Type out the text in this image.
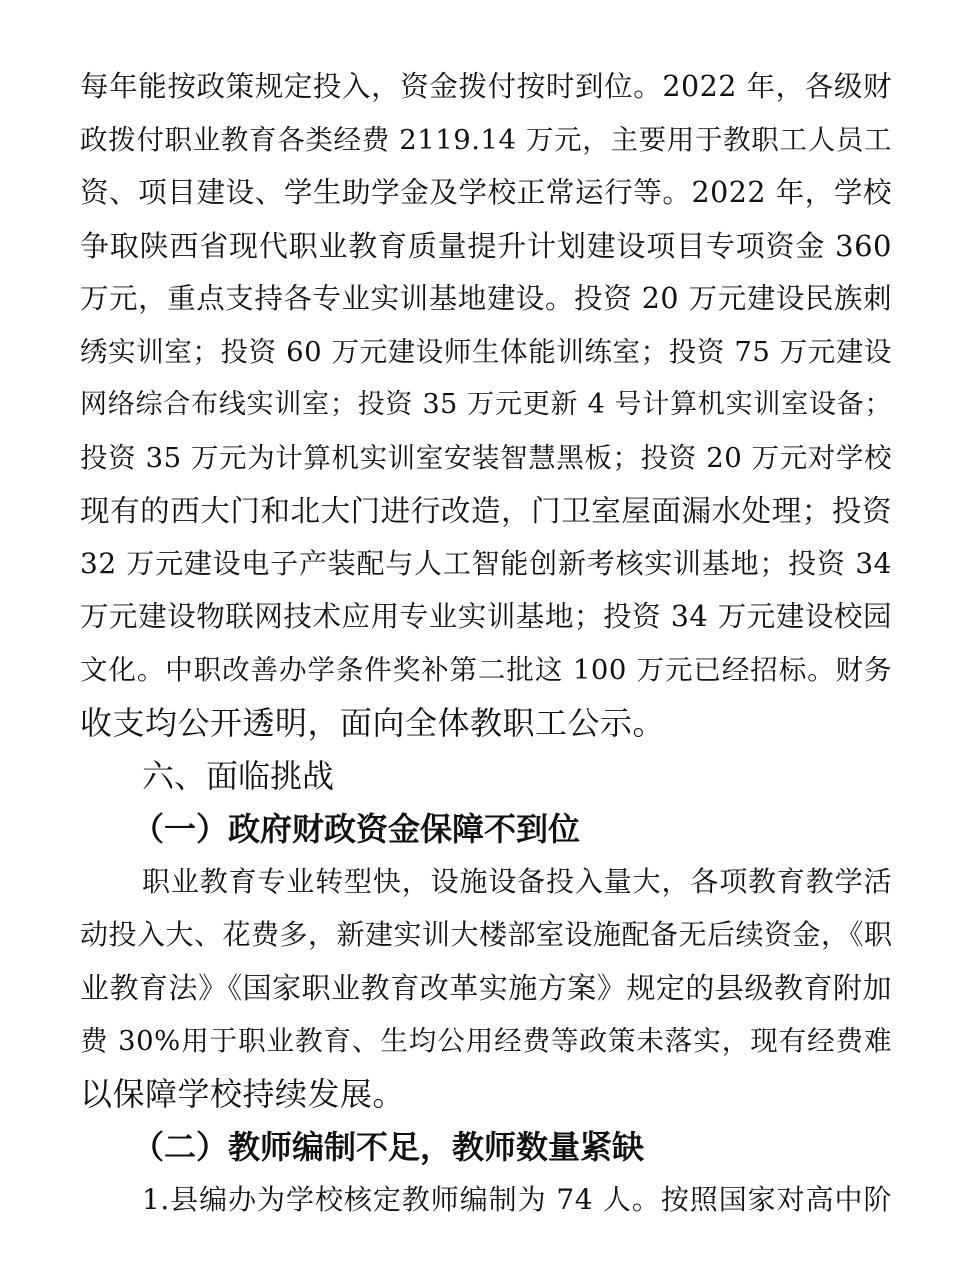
每年能按政策规定投入，资金拨付按时到位。2022 年，各级财
政拨付职业教育各类经费 2119.14 万元，主要用于教职工人员工
资、项目建设、学生助学金及学校正常运行等。2022 年，学校
争取陕西省现代职业教育质量提升计划建设项目专项资金 360
万元，重点支持各专业实训基地建设。投资 20 万元建设民族刺
绣实训室；投资 60 万元建设师生体能训练室；投资 75 万元建设
网络综合布线实训室；投资 35 万元更新 4 号计算机实训室设备；
投资 35 万元为计算机实训室安装智慧黑板；投资 20 万元对学校
现有的西大门和北大门进行改造，门卫室屋面漏水处理；投资
32 万元建设电子产装配与人工智能创新考核实训基地；投资 34
万元建设物联网技术应用专业实训基地；投资 34 万元建设校园
文化。中职改善办学条件奖补第二批这 100 万元已经招标。财务
收支均公开透明，面向全体教职工公示。
六、面临挑战
（一）政府财政资金保障不到位
职业教育专业转型快，设施设备投入量大，各项教育教学活
动投入大、花费多，新建实训大楼部室设施配备无后续资金，《职
业教育法》《国家职业教育改革实施方案》规定的县级教育附加
费 30%用于职业教育、生均公用经费等政策未落实，现有经费难
以保障学校持续发展。
（二）教师编制不足，教师数量紧缺
1.县编办为学校核定教师编制为 74 人。按照国家对高中阶
